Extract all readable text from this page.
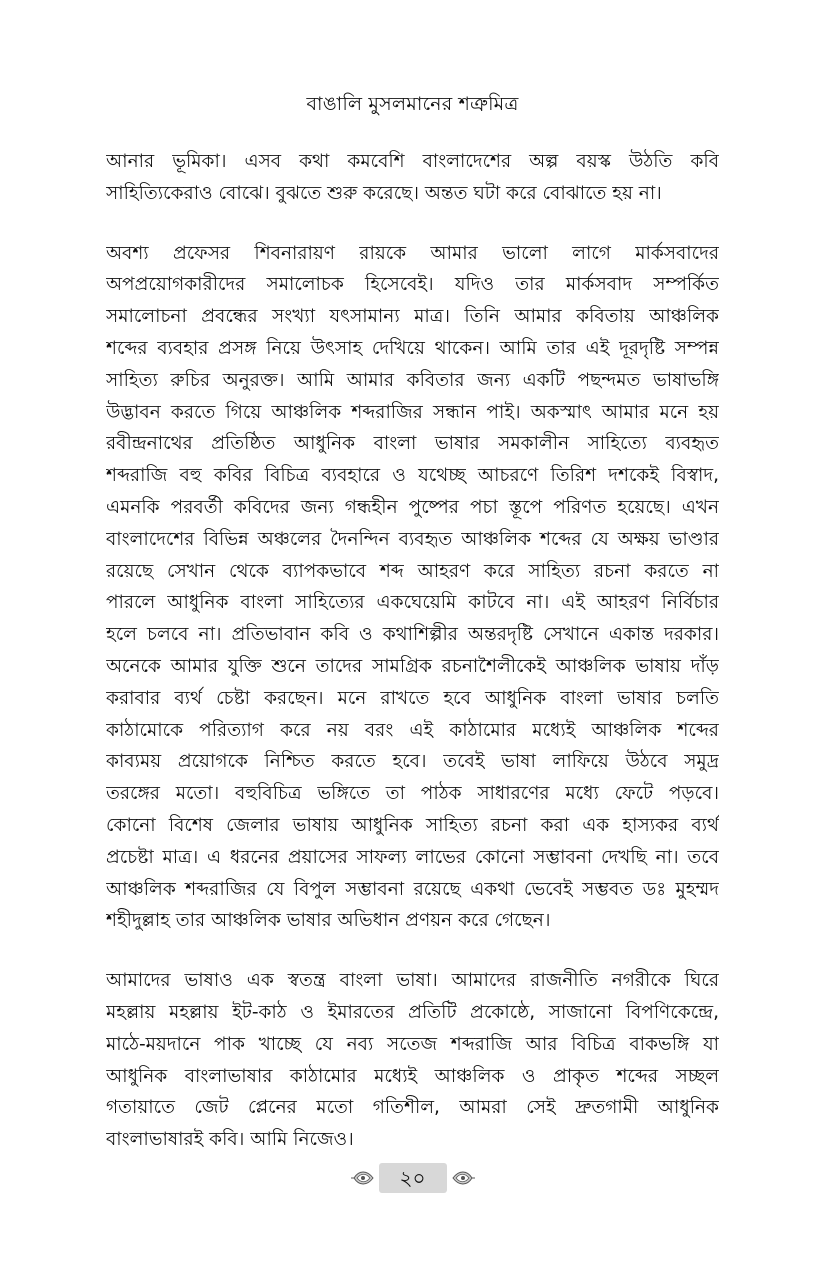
বাঙালি মুসলমানের শত্রুমিত্র

আনার ভূমিকা। এসব কথা কমবেশি বাংলাদেশের অল্প বয়স্ক উঠতি কবি
সাহিত্যিকেরাও বোঝে। বুঝতে শুরু করেছে। অন্তত ঘটা করে বোঝাতে হয় না।

অবশ্য প্রফেসর শিবনারায়ণ রায়কে আমার ভালো লাগে মার্কসবাদের
অপপ্রয়োগকারীদের সমালোচক হিসেবেই। যদিও তার মার্কসবাদ সম্পর্কিত
সমালোচনা প্রবন্ধের সংখ্যা যৎসামান্য মাত্র। তিনি আমার কবিতায় আঞ্চলিক
শব্দের ব্যবহার প্রসঙ্গ নিয়ে উৎসাহ দেখিয়ে থাকেন। আমি তার এই দূরদৃষ্টি সম্পন্ন
সাহিত্য রুচির অনুরক্ত। আমি আমার কবিতার জন্য একটি পছন্দমত ভাষাভঙ্গি
উদ্ভাবন করতে গিয়ে আঞ্চলিক শব্দরাজির সন্ধান পাই। অকস্মাৎ আমার মনে হয়
রবীন্দ্রনাথের প্রতিষ্ঠিত আধুনিক বাংলা ভাষার সমকালীন সাহিত্যে ব্যবহৃত
শব্দরাজি বহু কবির বিচিত্র ব্যবহারে ও যথেচ্ছ আচরণে তিরিশ দশকেই বিস্বাদ,
এমনকি পরবর্তী কবিদের জন্য গন্ধহীন পুষ্পের পচা স্তূপে পরিণত হয়েছে। এখন
বাংলাদেশের বিভিন্ন অঞ্চলের দৈনন্দিন ব্যবহৃত আঞ্চলিক শব্দের যে অক্ষয় ভাণ্ডার
রয়েছে সেখান থেকে ব্যাপকভাবে শব্দ আহরণ করে সাহিত্য রচনা করতে না
পারলে আধুনিক বাংলা সাহিত্যের একঘেয়েমি কাটবে না। এই আহরণ নির্বিচার
হলে চলবে না। প্রতিভাবান কবি ও কথাশিল্পীর অন্তরদৃষ্টি সেখানে একান্ত দরকার।
অনেকে আমার যুক্তি শুনে তাদের সামগ্রিক রচনাশৈলীকেই আঞ্চলিক ভাষায় দাঁড়
করাবার ব্যর্থ চেষ্টা করছেন। মনে রাখতে হবে আধুনিক বাংলা ভাষার চলতি
কাঠামোকে পরিত্যাগ করে নয় বরং এই কাঠামোর মধ্যেই আঞ্চলিক শব্দের
কাব্যময় প্রয়োগকে নিশ্চিত করতে হবে। তবেই ভাষা লাফিয়ে উঠবে সমুদ্র
তরঙ্গের মতো। বহুবিচিত্র ভঙ্গিতে তা পাঠক সাধারণের মধ্যে ফেটে পড়বে।
কোনো বিশেষ জেলার ভাষায় আধুনিক সাহিত্য রচনা করা এক হাস্যকর ব্যর্থ
প্রচেষ্টা মাত্র। এ ধরনের প্রয়াসের সাফল্য লাভের কোনো সম্ভাবনা দেখছি না। তবে
আঞ্চলিক শব্দরাজির যে বিপুল সম্ভাবনা রয়েছে একথা ভেবেই সম্ভবত ডঃ মুহম্মদ
শহীদুল্লাহ তার আঞ্চলিক ভাষার অভিধান প্রণয়ন করে গেছেন।

আমাদের ভাষাও এক স্বতন্ত্র বাংলা ভাষা। আমাদের রাজনীতি নগরীকে ঘিরে
মহল্লায় মহল্লায় ইট-কাঠ ও ইমারতের প্রতিটি প্রকোষ্ঠে, সাজানো বিপণিকেন্দ্রে,
মাঠে-ময়দানে পাক খাচ্ছে যে নব্য সতেজ শব্দরাজি আর বিচিত্র বাকভঙ্গি যা
আধুনিক বাংলাভাষার কাঠামোর মধ্যেই আঞ্চলিক ও প্রাকৃত শব্দের সচ্ছল
গতায়াতে জেট প্লেনের মতো গতিশীল, আমরা সেই দ্রুতগামী আধুনিক
বাংলাভাষারই কবি। আমি নিজেও।

২০
